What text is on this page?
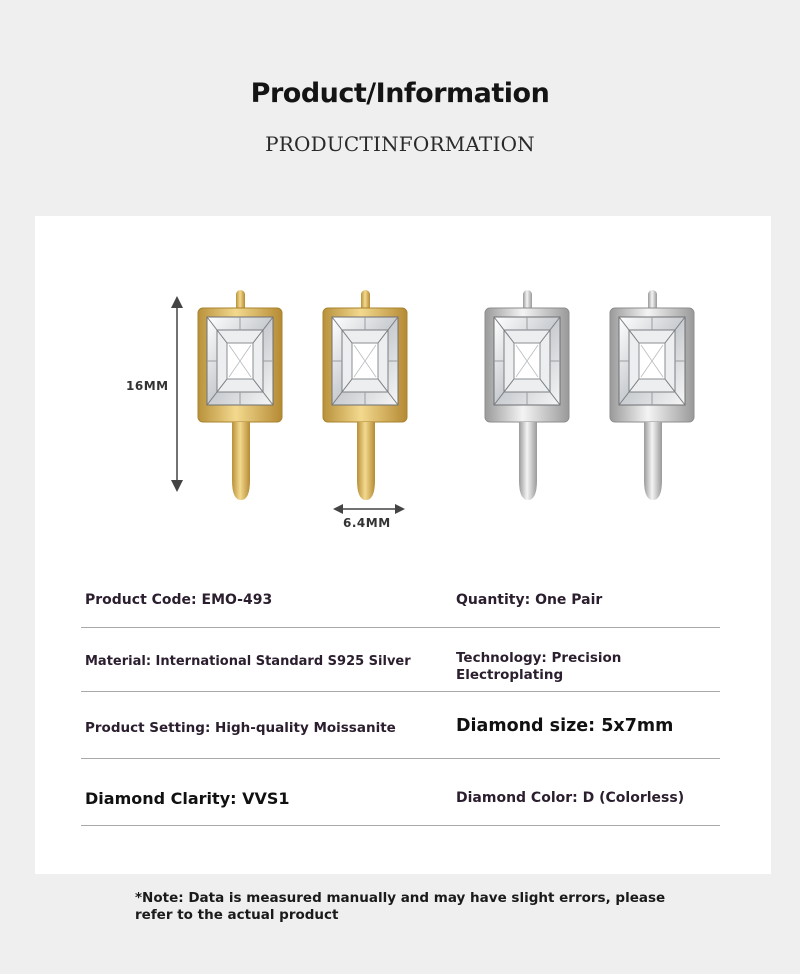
Product/Information
PRODUCTINFORMATION
16MM
6.4MM
Product Code: EMO-493	Quantity: One Pair
Material: International Standard S925 Silver	Technology: Precision Electroplating
Product Setting: High-quality Moissanite	Diamond size: 5x7mm
Diamond Clarity: VVS1	Diamond Color: D (Colorless)
*Note: Data is measured manually and may have slight errors, please refer to the actual product
